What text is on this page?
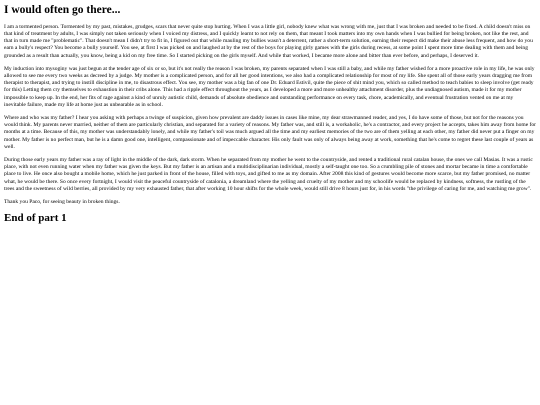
I would often go there...

I am a tormented person. Tormented by my past, mistakes, grudges, scars that never quite stop hurting. When I was a little girl, nobody knew what was wrong with me, just that I was broken and needed to be fixed. A child doesn't miss on that kind of treatment by adults, I was simply not taken seriously when I voiced my distress, and I quickly learnt to not rely on them, that meant I took matters into my own hands when I was bullied for being broken, not like the rest, and that in turn made me "problematic". That doesn't mean I didn't try to fit in, I figured out that while mauling my bullies wasn't a deterrent, rather a short-term solution, earning their respect did make their abuse less frequent, and how do you earn a bully's respect? You become a bully yourself. You see, at first I was picked on and laughed at by the rest of the boys for playing girly games with the girls during recess, at some point I spent more time dealing with them and being grounded as a result than actually, you know, being a kid on my free time. So I started picking on the girls myself. And while that worked, I became more alone and bitter than ever before, and perhaps, I deserved it.

My induction into mysoginy was just begun at the tender age of six or so, but it's not really the reason I was broken, my parents separated when I was still a baby, and while my father wished for a more proactive role in my life, he was only allowed to see me every two weeks as decreed by a judge. My mother is a complicated person, and for all her good intentions, we also had a complicated relationship for most of my life. She spent all of those early years dragging me from therapist to therapist, and trying to instill discipline in me, to disastrous effect. You see, my mother was a big fan of one Dr. Eduard Estivil, quite the piece of shit mind you, which so called method to teach babies to sleep involve (get ready for this) Letting them cry themselves to exhaustion in their cribs alone. This had a ripple effect throughout the years, as I developed a more and more unhealthy attachment disorder, plus the undiagnosed autism, made it for my mother impossible to keep up. In the end, her fits of rage against a kind of unruly autistic child, demands of absolute obedience and outstanding performance on every task, chore, academically, and eventual frustration vented on me at my inevitable failure, made my life at home just as unbearable as in school.

Where and who was my father? I hear you asking with perhaps a twinge of suspicion, given how prevalent are daddy issues in cases like mine, my dear strawmanned reader, and yes, I do have some of those, but not for the reasons you would think. My parents never married, neither of them are particularly christian, and separated for a variety of reasons. My father was, and still is, a workaholic, he's a contractor, and every project he accepts, takes him away from home for months at a time. Because of this, my mother was understandably lonely, and while my father's toil was much argued all the time and my earliest memories of the two are of them yelling at each other, my father did never put a finger on my mother. My father is no perfect man, but he is a damn good one, intelligent, compassionate and of impeccable character. His only fault was only of always being away at work, something that he's come to regret these last couple of years as well.

During those early years my father was a ray of light in the middle of the dark, dark storm. When he separated from my mother he went to the countryside, and rented a traditional rural catalan house, the ones we call Masias. It was a rustic place, with not even running water when my father was given the keys. But my father is an artisan and a multidisciplinarian individual, mostly a self-taught one too. So a crumbling pile of stones and mortar became in time a comfortable place to live. He once also bought a mobile home, which he just parked in front of the house, filled with toys, and gifted to me as my domain. After 2008 this kind of gestures would become more scarce, but my father promised, no matter what, he would be there. So once every fortnight, I would visit the peaceful countryside of catalonia, a dreamland where the yelling and cruelty of my mother and my schoolife would be replaced by kindness, softness, the rustling of the trees and the sweetness of wild berries, all provided by my very exhausted father, that after working 10 hour shifts for the whole week, would still drive 8 hours just for, in his words "the privilege of caring for me, and watching me grow".

Thank you Paco, for seeing beauty in broken things.

End of part 1
